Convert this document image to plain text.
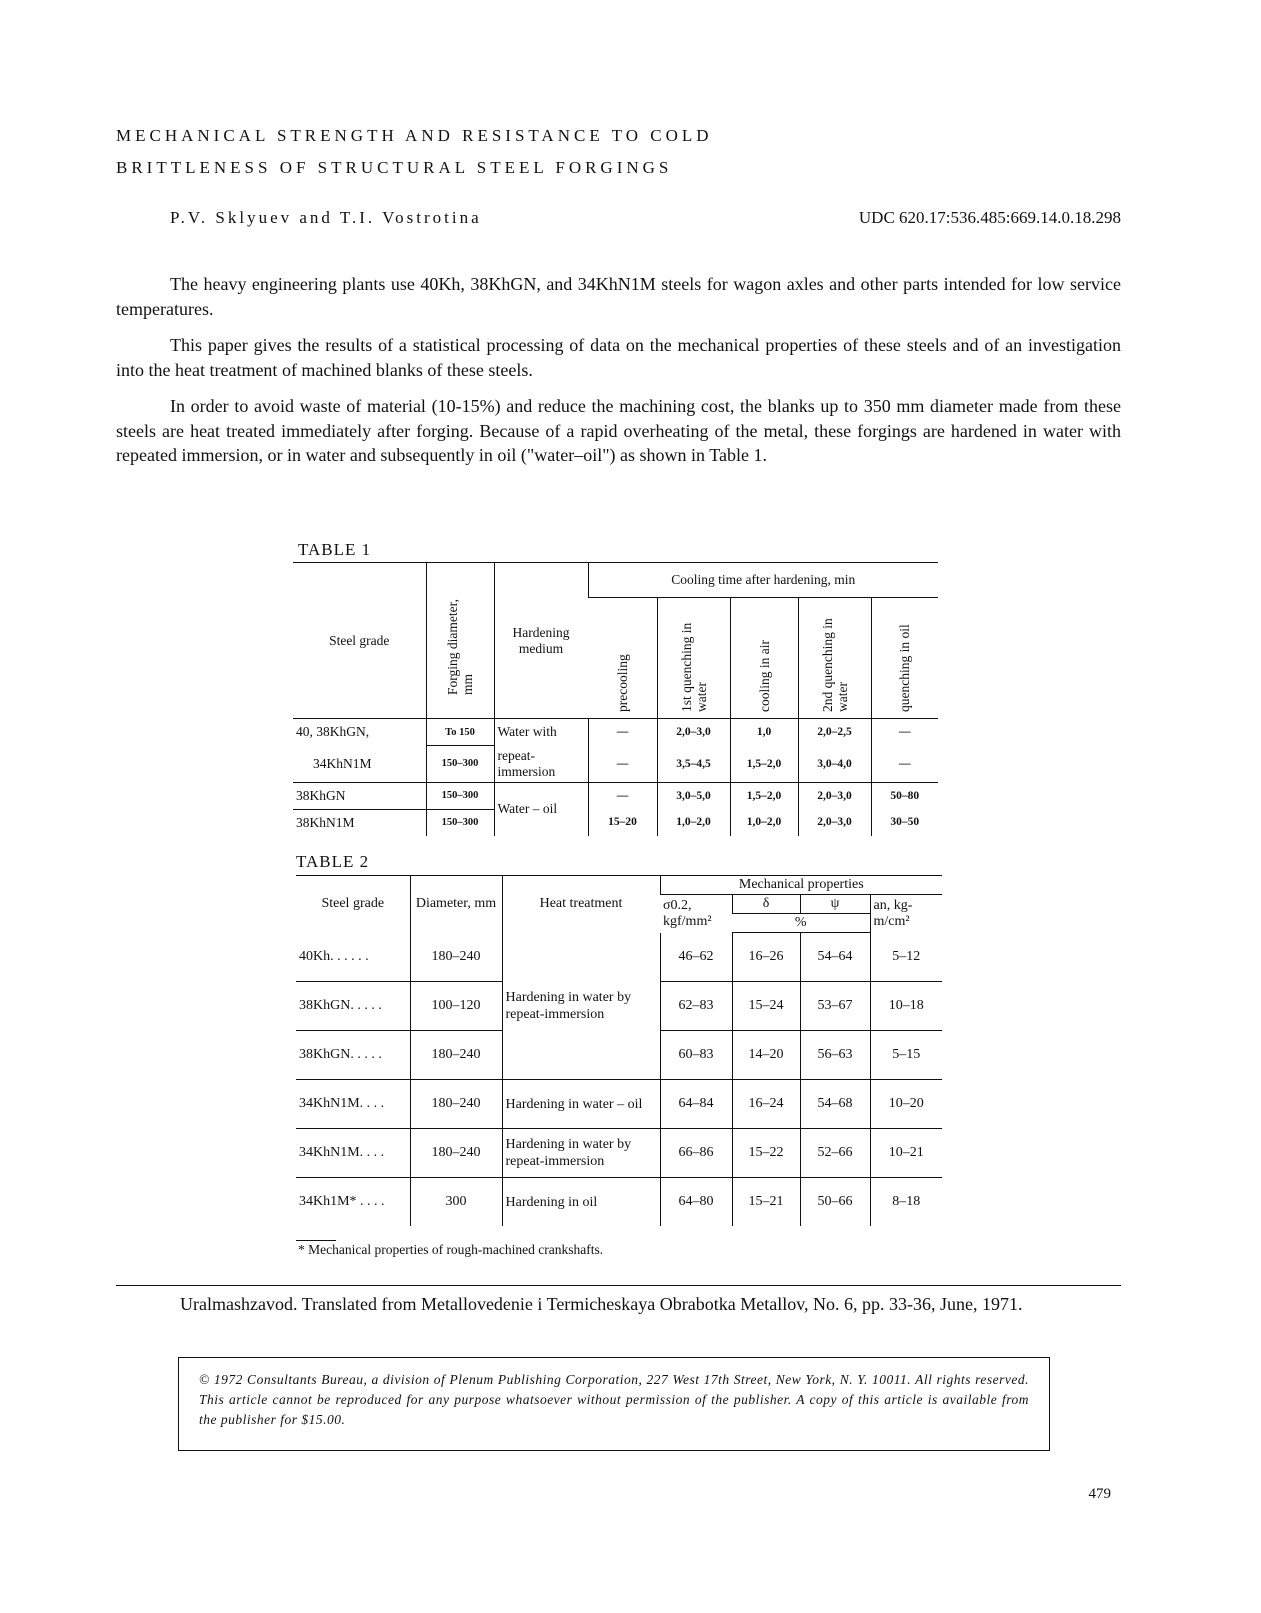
MECHANICAL STRENGTH AND RESISTANCE TO COLD
BRITTLENESS OF STRUCTURAL STEEL FORGINGS
P.V. Sklyuev and T.I. Vostrotina	UDC 620.17:536.485:669.14.0.18.298

The heavy engineering plants use 40Kh, 38KhGN, and 34KhN1M steels for wagon axles and other parts intended for low service temperatures.

This paper gives the results of a statistical processing of data on the mechanical properties of these steels and of an investigation into the heat treatment of machined blanks of these steels.

In order to avoid waste of material (10-15%) and reduce the machining cost, the blanks up to 350 mm diameter made from these steels are heat treated immediately after forging. Because of a rapid overheating of the metal, these forgings are hardened in water with repeated immersion, or in water and subsequently in oil ("water–oil") as shown in Table 1.

TABLE 1
Steel grade	Forging diameter, mm	Hardening medium	Cooling time after hardening, min				
			precooling	1st quenching in water	cooling in air	2nd quenching in water	quenching in oil
40, 38KhGN,	To 150	Water with	—	2,0–3,0	1,0	2,0–2,5	—
34KhN1M	150–300	repeat-immersion	—	3,5–4,5	1,5–2,0	3,0–4,0	—
38KhGN	150–300	Water – oil	—	3,0–5,0	1,5–2,0	2,0–3,0	50–80
38KhN1M	150–300		15–20	1,0–2,0	1,0–2,0	2,0–3,0	30–50
TABLE 2
Steel grade	Diameter, mm	Heat treatment	Mechanical properties			
			σ0.2, kgf/mm²	δ	ψ	an, kg-m/cm²
				%		
40Kh. . . . . .	180–240	Hardening in water by repeat-immersion	46–62	16–26	54–64	5–12
38KhGN. . . . .	100–120		62–83	15–24	53–67	10–18
38KhGN. . . . .	180–240		60–83	14–20	56–63	5–15
34KhN1M. . . .	180–240	Hardening in water – oil	64–84	16–24	54–68	10–20
34KhN1M. . . .	180–240	Hardening in water by repeat-immersion	66–86	15–22	52–66	10–21
34Kh1M* . . . .	300	Hardening in oil	64–80	15–21	50–66	8–18
* Mechanical properties of rough-machined crankshafts.

Uralmashzavod. Translated from Metallovedenie i Termicheskaya Obrabotka Metallov, No. 6, pp. 33-36, June, 1971.

© 1972 Consultants Bureau, a division of Plenum Publishing Corporation, 227 West 17th Street, New York, N. Y. 10011. All rights reserved. This article cannot be reproduced for any purpose whatsoever without permission of the publisher. A copy of this article is available from the publisher for $15.00.
479
